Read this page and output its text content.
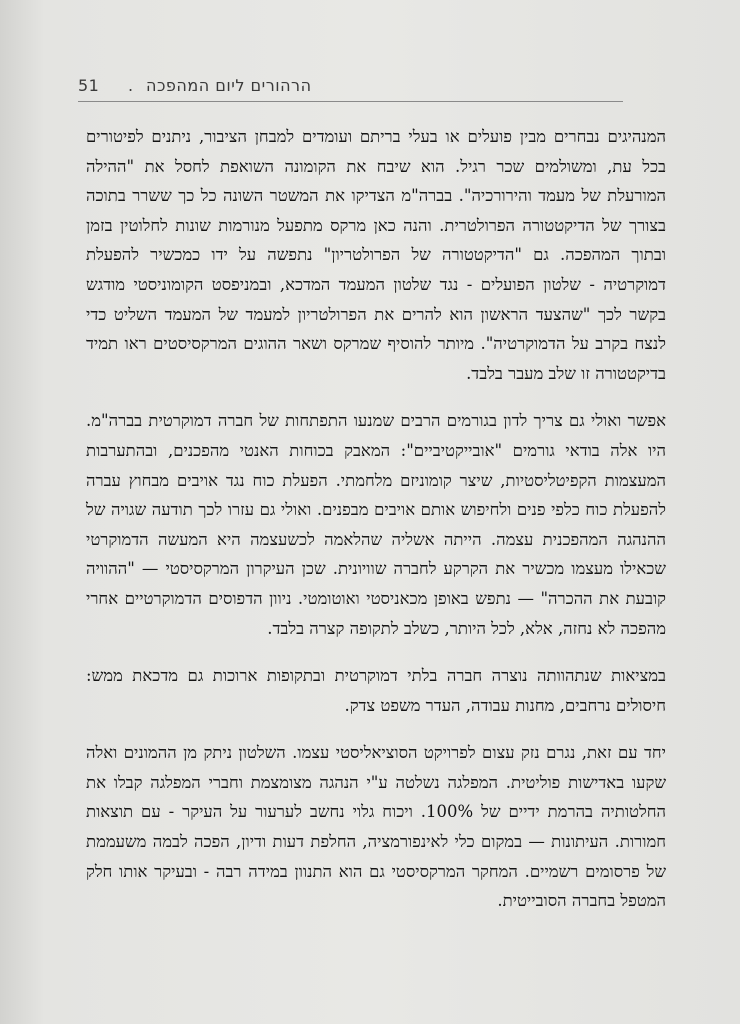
51 . הרהורים ליום המהפכה

המנהיגים נבחרים מבין פועלים או בעלי בריתם ועומדים למבחן הציבור, ניתנים לפיטורים בכל עת, ומשולמים שכר רגיל. הוא שיבח את הקומונה השואפת לחסל את "ההילה המורעלת של מעמד והירורכיה". בברה"מ הצדיקו את המשטר השונה כל כך ששרר בתוכה בצורך של הדיקטטורה הפרולטרית. והנה כאן מרקס מתפעל מנורמות שונות לחלוטין בזמן ובתוך המהפכה. גם "הדיקטטורה של הפרולטריון" נתפשה על ידו כמכשיר להפעלת דמוקרטיה - שלטון הפועלים - נגד שלטון המעמד המדכא, ובמניפסט הקומוניסטי מודגש בקשר לכך "שהצעד הראשון הוא להרים את הפרולטריון למעמד של המעמד השליט כדי לנצח בקרב על הדמוקרטיה". מיותר להוסיף שמרקס ושאר ההוגים המרקסיסטים ראו תמיד בדיקטטורה זו שלב מעבר בלבד.

אפשר ואולי גם צריך לדון בגורמים הרבים שמנעו התפתחות של חברה דמוקרטית בברה"מ. היו אלה בודאי גורמים "אובייקטיביים": המאבק בכוחות האנטי מהפכנים, ובהתערבות המעצמות הקפיטליסטיות, שיצר קומוניזם מלחמתי. הפעלת כוח נגד אויבים מבחוץ עברה להפעלת כוח כלפי פנים ולחיפוש אותם אויבים מבפנים. ואולי גם עזרו לכך תודעה שגויה של ההנהגה המהפכנית עצמה. הייתה אשליה שהלאמה לכשעצמה היא המעשה הדמוקרטי שכאילו מעצמו מכשיר את הקרקע לחברה שוויונית. שכן העיקרון המרקסיסטי — "ההוויה קובעת את ההכרה" — נתפש באופן מכאניסטי ואוטומטי. ניוון הדפוסים הדמוקרטיים אחרי מהפכה לא נחזה, אלא, לכל היותר, כשלב לתקופה קצרה בלבד.

במציאות שנתהוותה נוצרה חברה בלתי דמוקרטית ובתקופות ארוכות גם מדכאת ממש: חיסולים נרחבים, מחנות עבודה, העדר משפט צדק.

יחד עם זאת, נגרם נזק עצום לפרויקט הסוציאליסטי עצמו. השלטון ניתק מן ההמונים ואלה שקעו באדישות פוליטית. המפלגה נשלטה ע"י הנהגה מצומצמת וחברי המפלגה קבלו את החלטותיה בהרמת ידיים של 100%. ויכוח גלוי נחשב לערעור על העיקר - עם תוצאות חמורות. העיתונות — במקום כלי לאינפורמציה, החלפת דעות ודיון, הפכה לבמה משעממת של פרסומים רשמיים. המחקר המרקסיסטי גם הוא התנוון במידה רבה - ובעיקר אותו חלק המטפל בחברה הסובייטית.
